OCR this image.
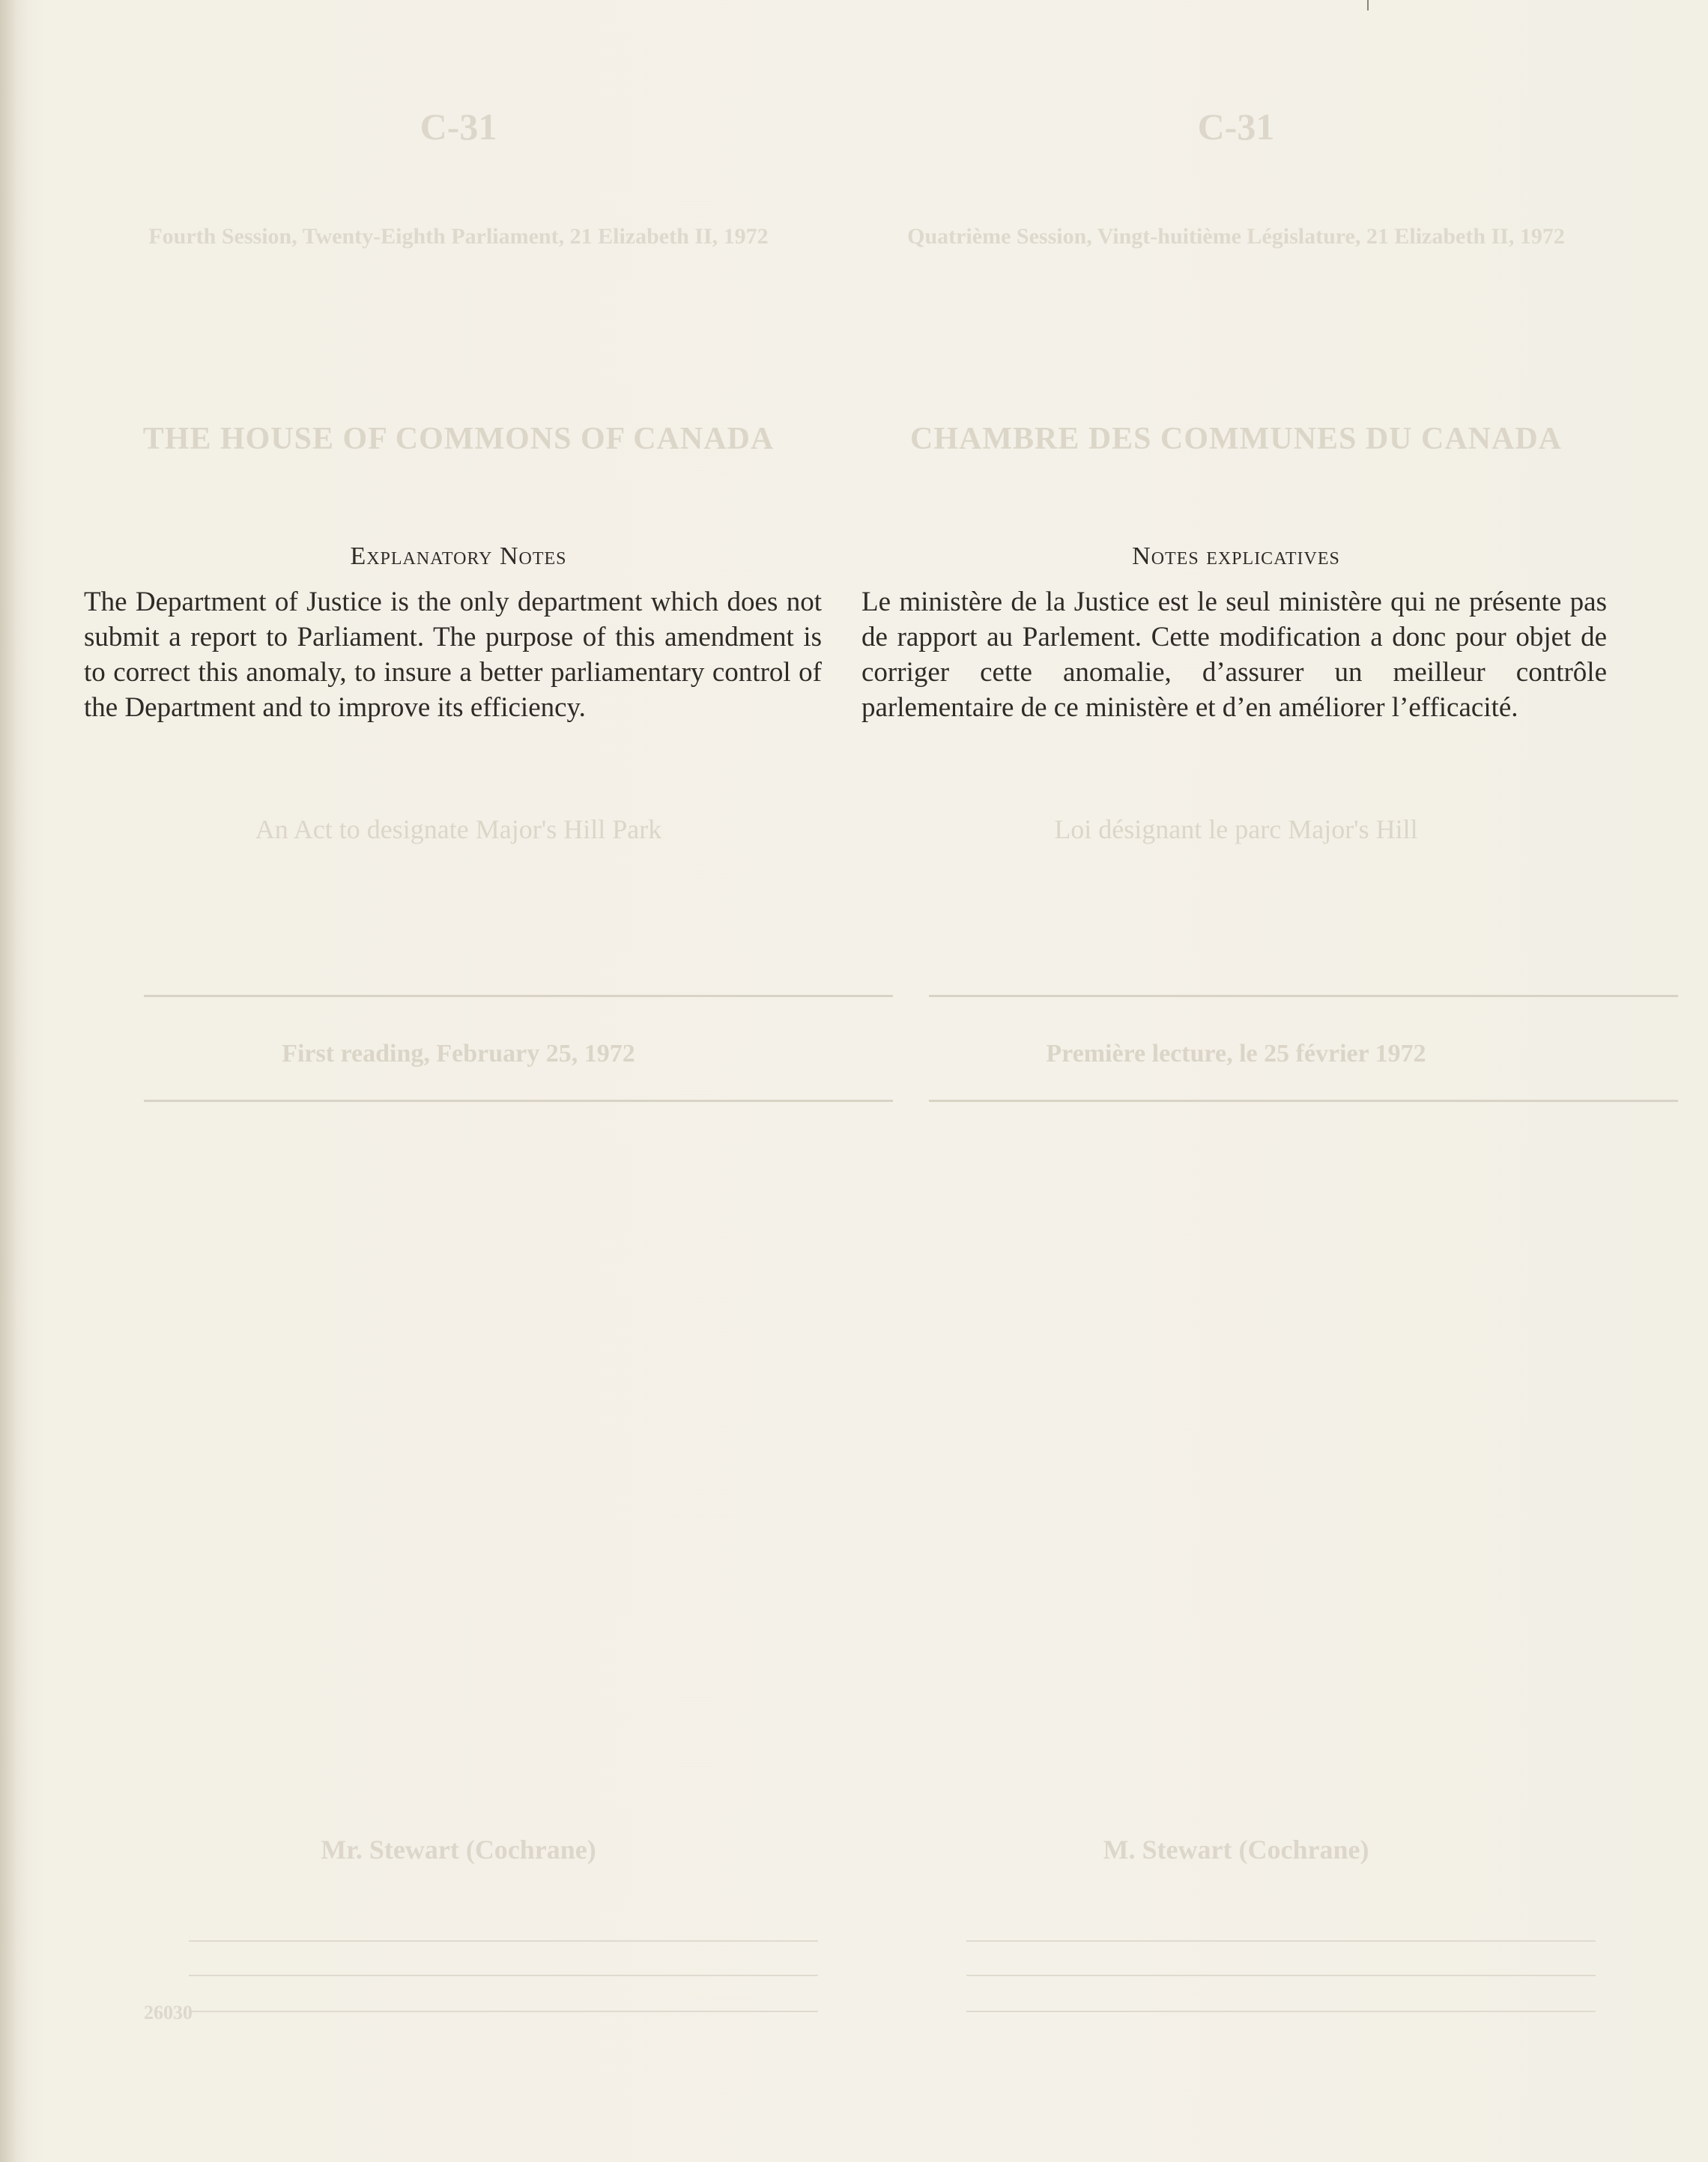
C-31
Fourth Session, Twenty-Eighth Parliament, 21 Elizabeth II, 1972
THE HOUSE OF COMMONS OF CANADA
An Act to designate Major's Hill Park
First reading, February 25, 1972
Mr. Stewart (Cochrane)
26030
Explanatory Notes
The Department of Justice is the only department which does not submit a report to Parliament. The purpose of this amendment is to correct this anomaly, to insure a better parliamentary control of the Department and to improve its efficiency.
C-31
Quatrième Session, Vingt-huitième Législature, 21 Elizabeth II, 1972
CHAMBRE DES COMMUNES DU CANADA
Loi désignant le parc Major's Hill
Première lecture, le 25 février 1972
M. Stewart (Cochrane)
Notes explicatives
Le ministère de la Justice est le seul ministère qui ne présente pas de rapport au Parlement. Cette modification a donc pour objet de corriger cette anomalie, d’assurer un meilleur contrôle parlementaire de ce ministère et d’en améliorer l’efficacité.
